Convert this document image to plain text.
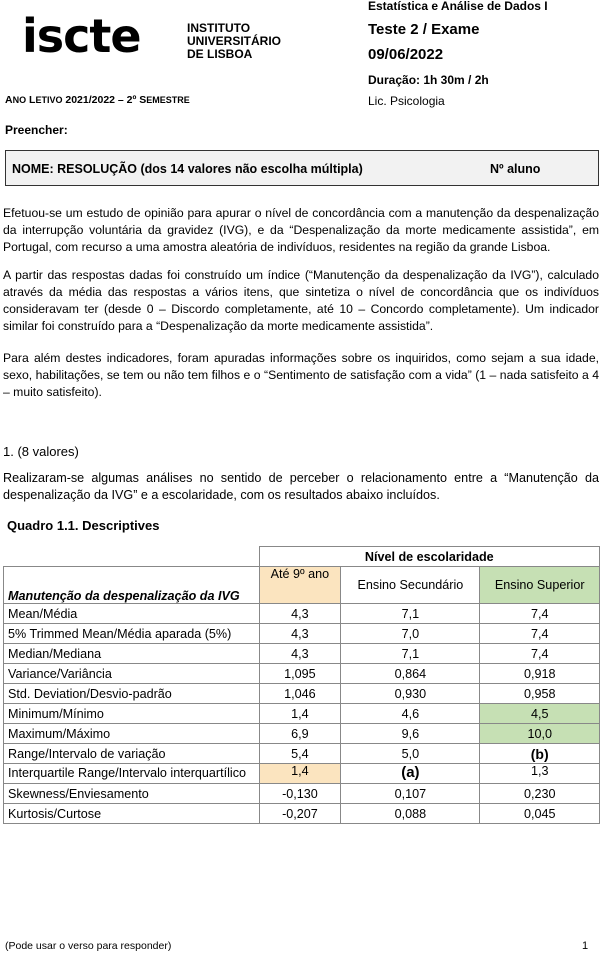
iscte	INSTITUTO
UNIVERSITÁRIO
DE LISBOA
Estatística e Análise de Dados I
Teste 2 / Exame
09/06/2022
Duração: 1h 30m / 2h
Lic. Psicologia
ANO LETIVO 2021/2022 – 2º SEMESTRE
Preencher:
NOME: RESOLUÇÃO (dos 14 valores não escolha múltipla)	Nº aluno
Efetuou-se um estudo de opinião para apurar o nível de concordância com a manutenção da despenalização da interrupção voluntária da gravidez (IVG), e da “Despenalização da morte medicamente assistida”, em Portugal, com recurso a uma amostra aleatória de indivíduos, residentes na região da grande Lisboa.
A partir das respostas dadas foi construído um índice (“Manutenção da despenalização da IVG”), calculado através da média das respostas a vários itens, que sintetiza o nível de concordância que os indivíduos consideravam ter (desde 0 – Discordo completamente, até 10 – Concordo completamente). Um indicador similar foi construído para a “Despenalização da morte medicamente assistida”.
Para além destes indicadores, foram apuradas informações sobre os inquiridos, como sejam a sua idade, sexo, habilitações, se tem ou não tem filhos e o “Sentimento de satisfação com a vida” (1 – nada satisfeito a 4 – muito satisfeito).
1. (8 valores)
Realizaram-se algumas análises no sentido de perceber o relacionamento entre a “Manutenção da despenalização da IVG” e a escolaridade, com os resultados abaixo incluídos.
Quadro 1.1. Descriptives
	Nível de escolaridade		
Manutenção da despenalização da IVG	Até 9º ano	Ensino Secundário	Ensino Superior
Mean/Média	4,3	7,1	7,4
5% Trimmed Mean/Média aparada (5%)	4,3	7,0	7,4
Median/Mediana	4,3	7,1	7,4
Variance/Variância	1,095	0,864	0,918
Std. Deviation/Desvio-padrão	1,046	0,930	0,958
Minimum/Mínimo	1,4	4,6	4,5
Maximum/Máximo	6,9	9,6	10,0
Range/Intervalo de variação	5,4	5,0	(b)
Interquartile Range/Intervalo interquartílico	1,4	(a)	1,3
Skewness/Enviesamento	-0,130	0,107	0,230
Kurtosis/Curtose	-0,207	0,088	0,045
(Pode usar o verso para responder)	1
